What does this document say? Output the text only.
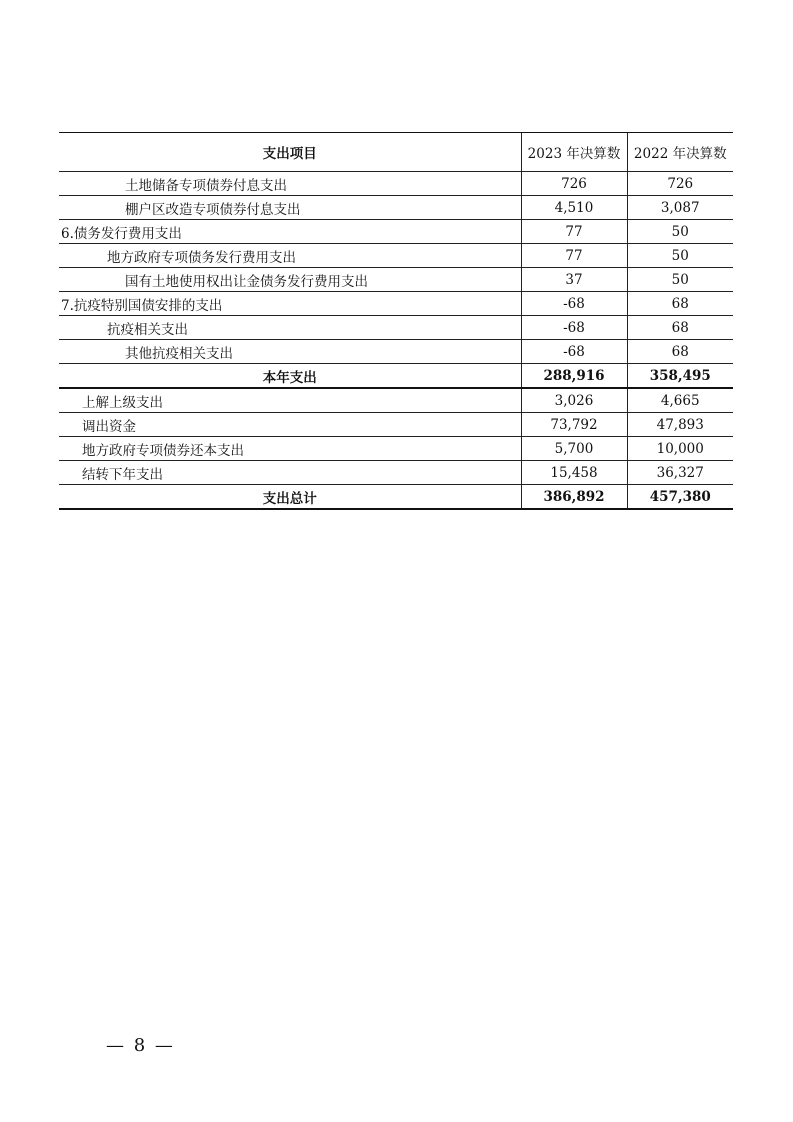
支出项目	2023 年决算数	2022 年决算数
土地储备专项债券付息支出	726	726
棚户区改造专项债券付息支出	4,510	3,087
6.债务发行费用支出	77	50
地方政府专项债务发行费用支出	77	50
国有土地使用权出让金债务发行费用支出	37	50
7.抗疫特别国债安排的支出	-68	68
抗疫相关支出	-68	68
其他抗疫相关支出	-68	68
本年支出	288,916	358,495
上解上级支出	3,026	4,665
调出资金	73,792	47,893
地方政府专项债券还本支出	5,700	10,000
结转下年支出	15,458	36,327
支出总计	386,892	457,380
— 8 —
